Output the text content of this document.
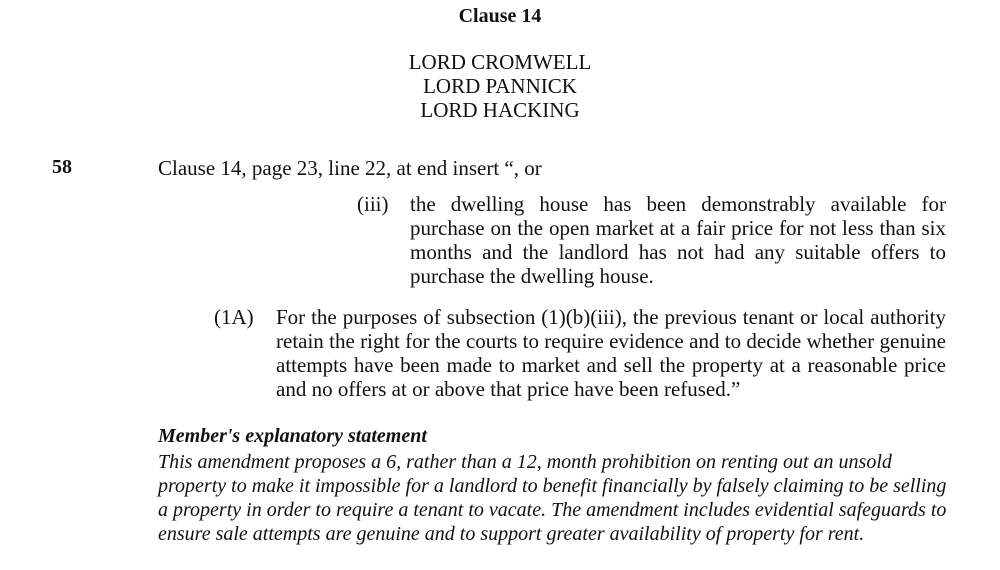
Clause 14
LORD CROMWELL
LORD PANNICK
LORD HACKING
58	Clause 14, page 23, line 22, at end insert “, or
(iii) the dwelling house has been demonstrably available for purchase on the open market at a fair price for not less than six months and the landlord has not had any suitable offers to purchase the dwelling house.
(1A) For the purposes of subsection (1)(b)(iii), the previous tenant or local authority retain the right for the courts to require evidence and to decide whether genuine attempts have been made to market and sell the property at a reasonable price and no offers at or above that price have been refused.”
Member's explanatory statement
This amendment proposes a 6, rather than a 12, month prohibition on renting out an unsold property to make it impossible for a landlord to benefit financially by falsely claiming to be selling a property in order to require a tenant to vacate. The amendment includes evidential safeguards to ensure sale attempts are genuine and to support greater availability of property for rent.
